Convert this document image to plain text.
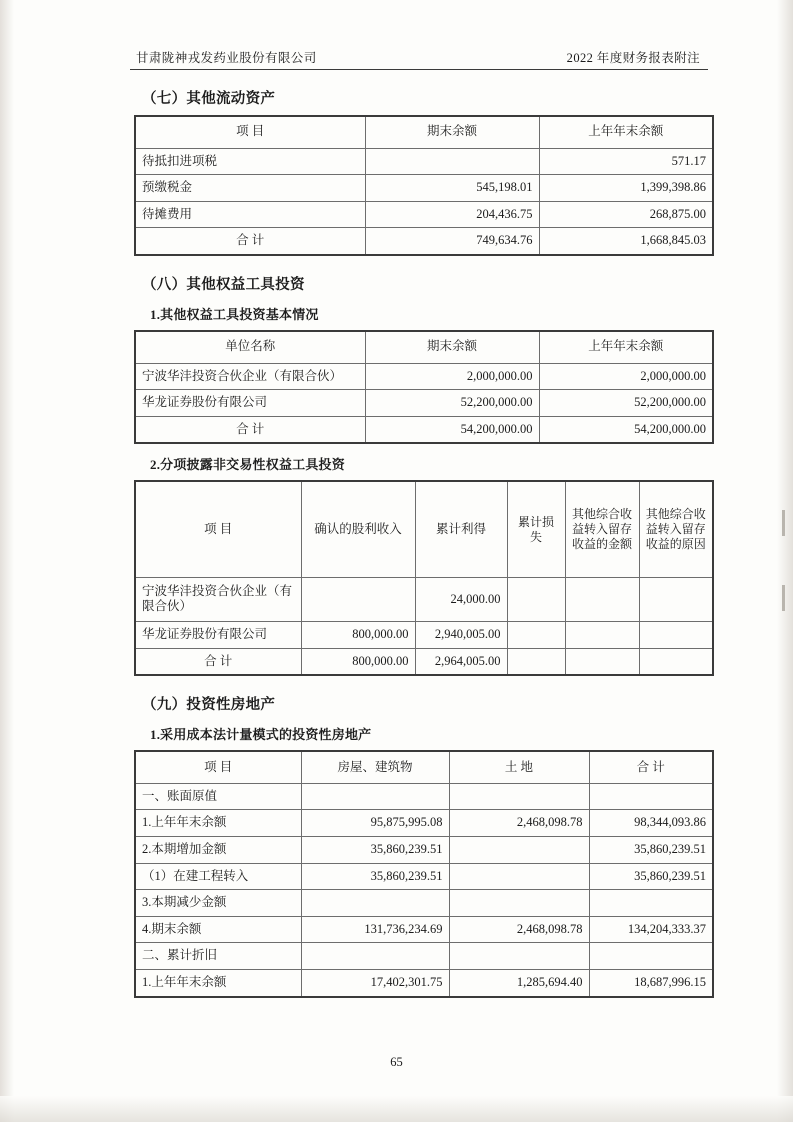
甘肃陇神戎发药业股份有限公司	2022 年度财务报表附注
（七）其他流动资产
项 目	期末余额	上年年末余额
待抵扣进项税		571.17
预缴税金	545,198.01	1,399,398.86
待摊费用	204,436.75	268,875.00
合 计	749,634.76	1,668,845.03
（八）其他权益工具投资
1.其他权益工具投资基本情况
单位名称	期末余额	上年年末余额
宁波华沣投资合伙企业（有限合伙）	2,000,000.00	2,000,000.00
华龙证券股份有限公司	52,200,000.00	52,200,000.00
合 计	54,200,000.00	54,200,000.00
2.分项披露非交易性权益工具投资
项 目	确认的股利收入	累计利得	累计损失	其他综合收益转入留存收益的金额	其他综合收益转入留存收益的原因
宁波华沣投资合伙企业（有限合伙）		24,000.00			
华龙证券股份有限公司	800,000.00	2,940,005.00			
合 计	800,000.00	2,964,005.00			
（九）投资性房地产
1.采用成本法计量模式的投资性房地产
项 目	房屋、建筑物	土 地	合 计
一、账面原值			
1.上年年末余额	95,875,995.08	2,468,098.78	98,344,093.86
2.本期增加金额	35,860,239.51		35,860,239.51
（1）在建工程转入	35,860,239.51		35,860,239.51
3.本期减少金额			
4.期末余额	131,736,234.69	2,468,098.78	134,204,333.37
二、累计折旧			
1.上年年末余额	17,402,301.75	1,285,694.40	18,687,996.15
65
